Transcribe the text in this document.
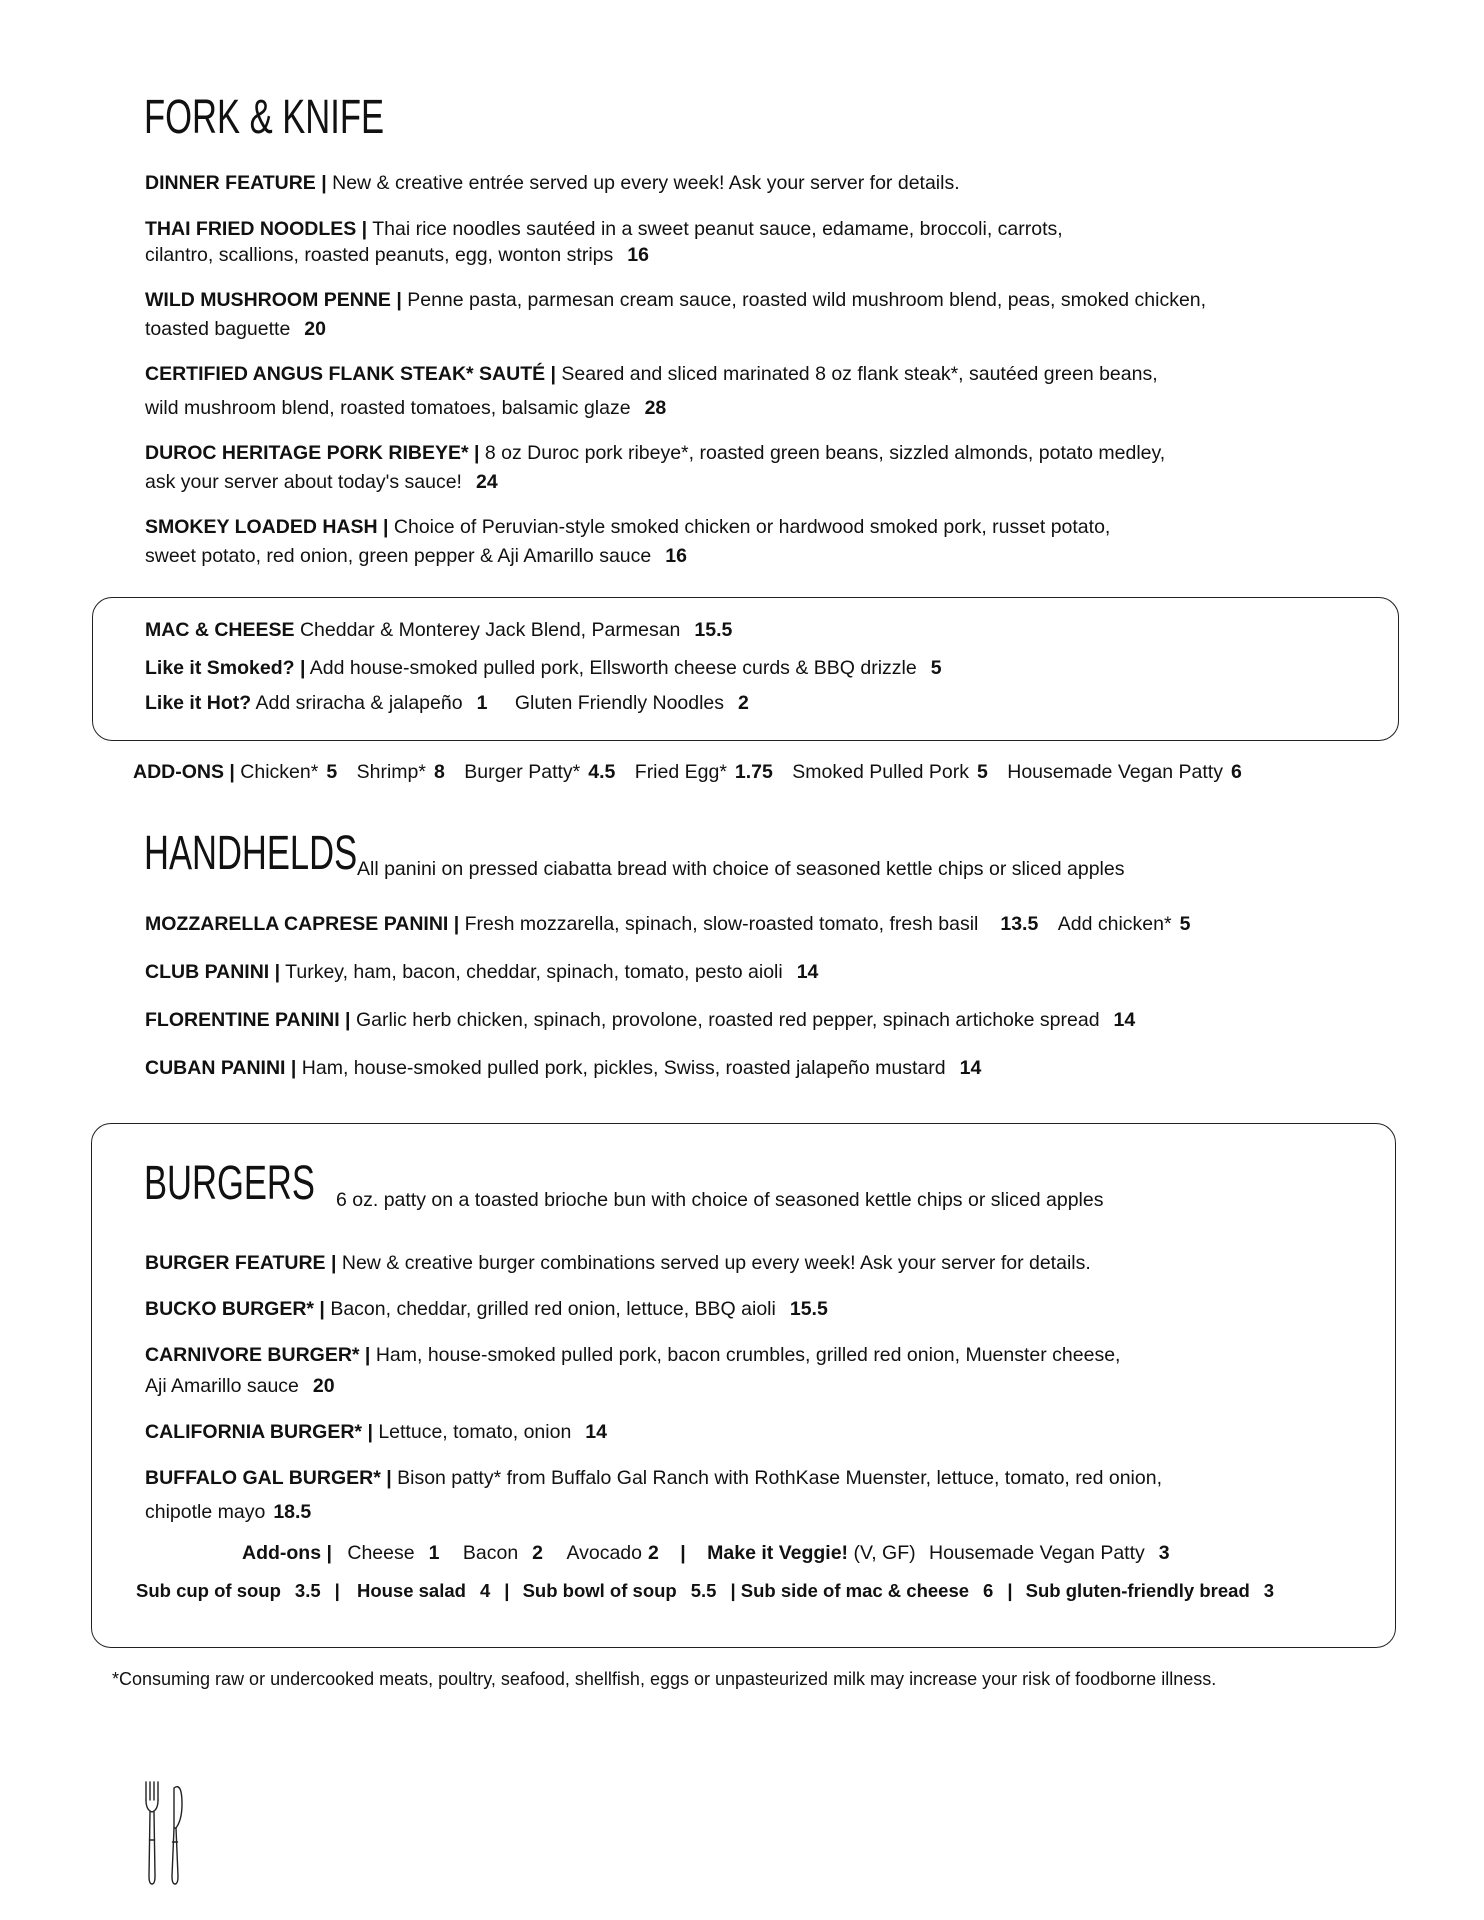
FORK & KNIFE
DINNER FEATURE | New & creative entrée served up every week! Ask your server for details.
THAI FRIED NOODLES | Thai rice noodles sautéed in a sweet peanut sauce, edamame, broccoli, carrots,
cilantro, scallions, roasted peanuts, egg, wonton strips 16
WILD MUSHROOM PENNE | Penne pasta, parmesan cream sauce, roasted wild mushroom blend, peas, smoked chicken,
toasted baguette 20
CERTIFIED ANGUS FLANK STEAK* SAUTÉ | Seared and sliced marinated 8 oz flank steak*, sautéed green beans,
wild mushroom blend, roasted tomatoes, balsamic glaze 28
DUROC HERITAGE PORK RIBEYE* | 8 oz Duroc pork ribeye*, roasted green beans, sizzled almonds, potato medley,
ask your server about today's sauce! 24
SMOKEY LOADED HASH | Choice of Peruvian-style smoked chicken or hardwood smoked pork, russet potato,
sweet potato, red onion, green pepper & Aji Amarillo sauce 16
MAC & CHEESE Cheddar & Monterey Jack Blend, Parmesan 15.5
Like it Smoked? | Add house-smoked pulled pork, Ellsworth cheese curds & BBQ drizzle 5
Like it Hot? Add sriracha & jalapeño 1 Gluten Friendly Noodles 2
ADD-ONS | Chicken* 5 Shrimp* 8 Burger Patty* 4.5 Fried Egg* 1.75 Smoked Pulled Pork 5 Housemade Vegan Patty 6
HANDHELDS All panini on pressed ciabatta bread with choice of seasoned kettle chips or sliced apples
MOZZARELLA CAPRESE PANINI | Fresh mozzarella, spinach, slow-roasted tomato, fresh basil 13.5 Add chicken* 5
CLUB PANINI | Turkey, ham, bacon, cheddar, spinach, tomato, pesto aioli 14
FLORENTINE PANINI | Garlic herb chicken, spinach, provolone, roasted red pepper, spinach artichoke spread 14
CUBAN PANINI | Ham, house-smoked pulled pork, pickles, Swiss, roasted jalapeño mustard 14
BURGERS 6 oz. patty on a toasted brioche bun with choice of seasoned kettle chips or sliced apples
BURGER FEATURE | New & creative burger combinations served up every week! Ask your server for details.
BUCKO BURGER* | Bacon, cheddar, grilled red onion, lettuce, BBQ aioli 15.5
CARNIVORE BURGER* | Ham, house-smoked pulled pork, bacon crumbles, grilled red onion, Muenster cheese,
Aji Amarillo sauce 20
CALIFORNIA BURGER* | Lettuce, tomato, onion 14
BUFFALO GAL BURGER* | Bison patty* from Buffalo Gal Ranch with RothKase Muenster, lettuce, tomato, red onion,
chipotle mayo 18.5
Add-ons | Cheese 1 Bacon 2 Avocado 2 | Make it Veggie! (V, GF) Housemade Vegan Patty 3
Sub cup of soup 3.5 | House salad 4 | Sub bowl of soup 5.5 | Sub side of mac & cheese 6 | Sub gluten-friendly bread 3
*Consuming raw or undercooked meats, poultry, seafood, shellfish, eggs or unpasteurized milk may increase your risk of foodborne illness.
